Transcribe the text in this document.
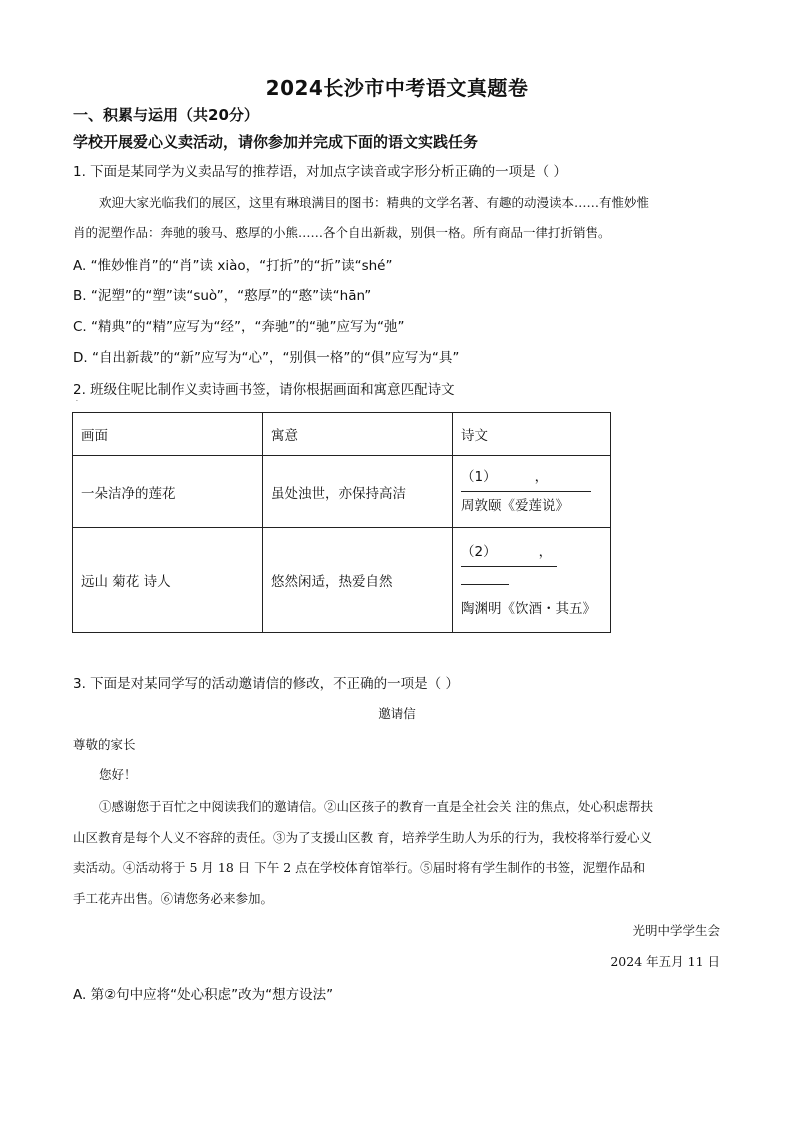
2024长沙市中考语文真题卷
一、积累与运用（共20分）
学校开展爱心义卖活动，请你参加并完成下面的语文实践任务
1. 下面是某同学为义卖品写的推荐语，对加点字读音或字形分析正确的一项是（ ）
欢迎大家光临我们的展区，这里有琳琅满目的图书：精典的文学名著、有趣的动漫读本……有惟妙惟
肖的泥塑作品：奔驰的骏马、憨厚的小熊……各个自出新裁，别俱一格。所有商品一律打折销售。
A. “惟妙惟肖”的“肖”读 xiào，“打折”的“折”读“shé”
B. “泥塑”的“塑”读“suò”，“憨厚”的“憨”读“hān”
C. “精典”的“精”应写为“经”，“奔驰”的“驰”应写为“弛”
D. “自出新裁”的“新”应写为“心”，“别俱一格”的“俱”应写为“具”
2. 班级住呢比制作义卖诗画书签，请你根据画面和寓意匹配诗文
·
画面	寓意	诗文
一朵洁净的莲花	虽处浊世，亦保持高洁	（1） ，
周敦颐《爱莲说》

远山 菊花 诗人	悠然闲适，热爱自然	（2） ，
陶渊明《饮酒・其五》
3. 下面是对某同学写的活动邀请信的修改，不正确的一项是（ ）
邀请信
尊敬的家长
您好！
①感谢您于百忙之中阅读我们的邀请信。②山区孩子的教育一直是全社会关 注的焦点，处心积虑帮扶
山区教育是每个人义不容辞的责任。③为了支援山区教 育，培养学生助人为乐的行为，我校将举行爱心义
卖活动。④活动将于 5 月 18 日 下午 2 点在学校体育馆举行。⑤届时将有学生制作的书签，泥塑作品和
手工花卉出售。⑥请您务必来参加。
光明中学学生会
2024 年五月 11 日
A. 第②句中应将“处心积虑”改为“想方设法”
